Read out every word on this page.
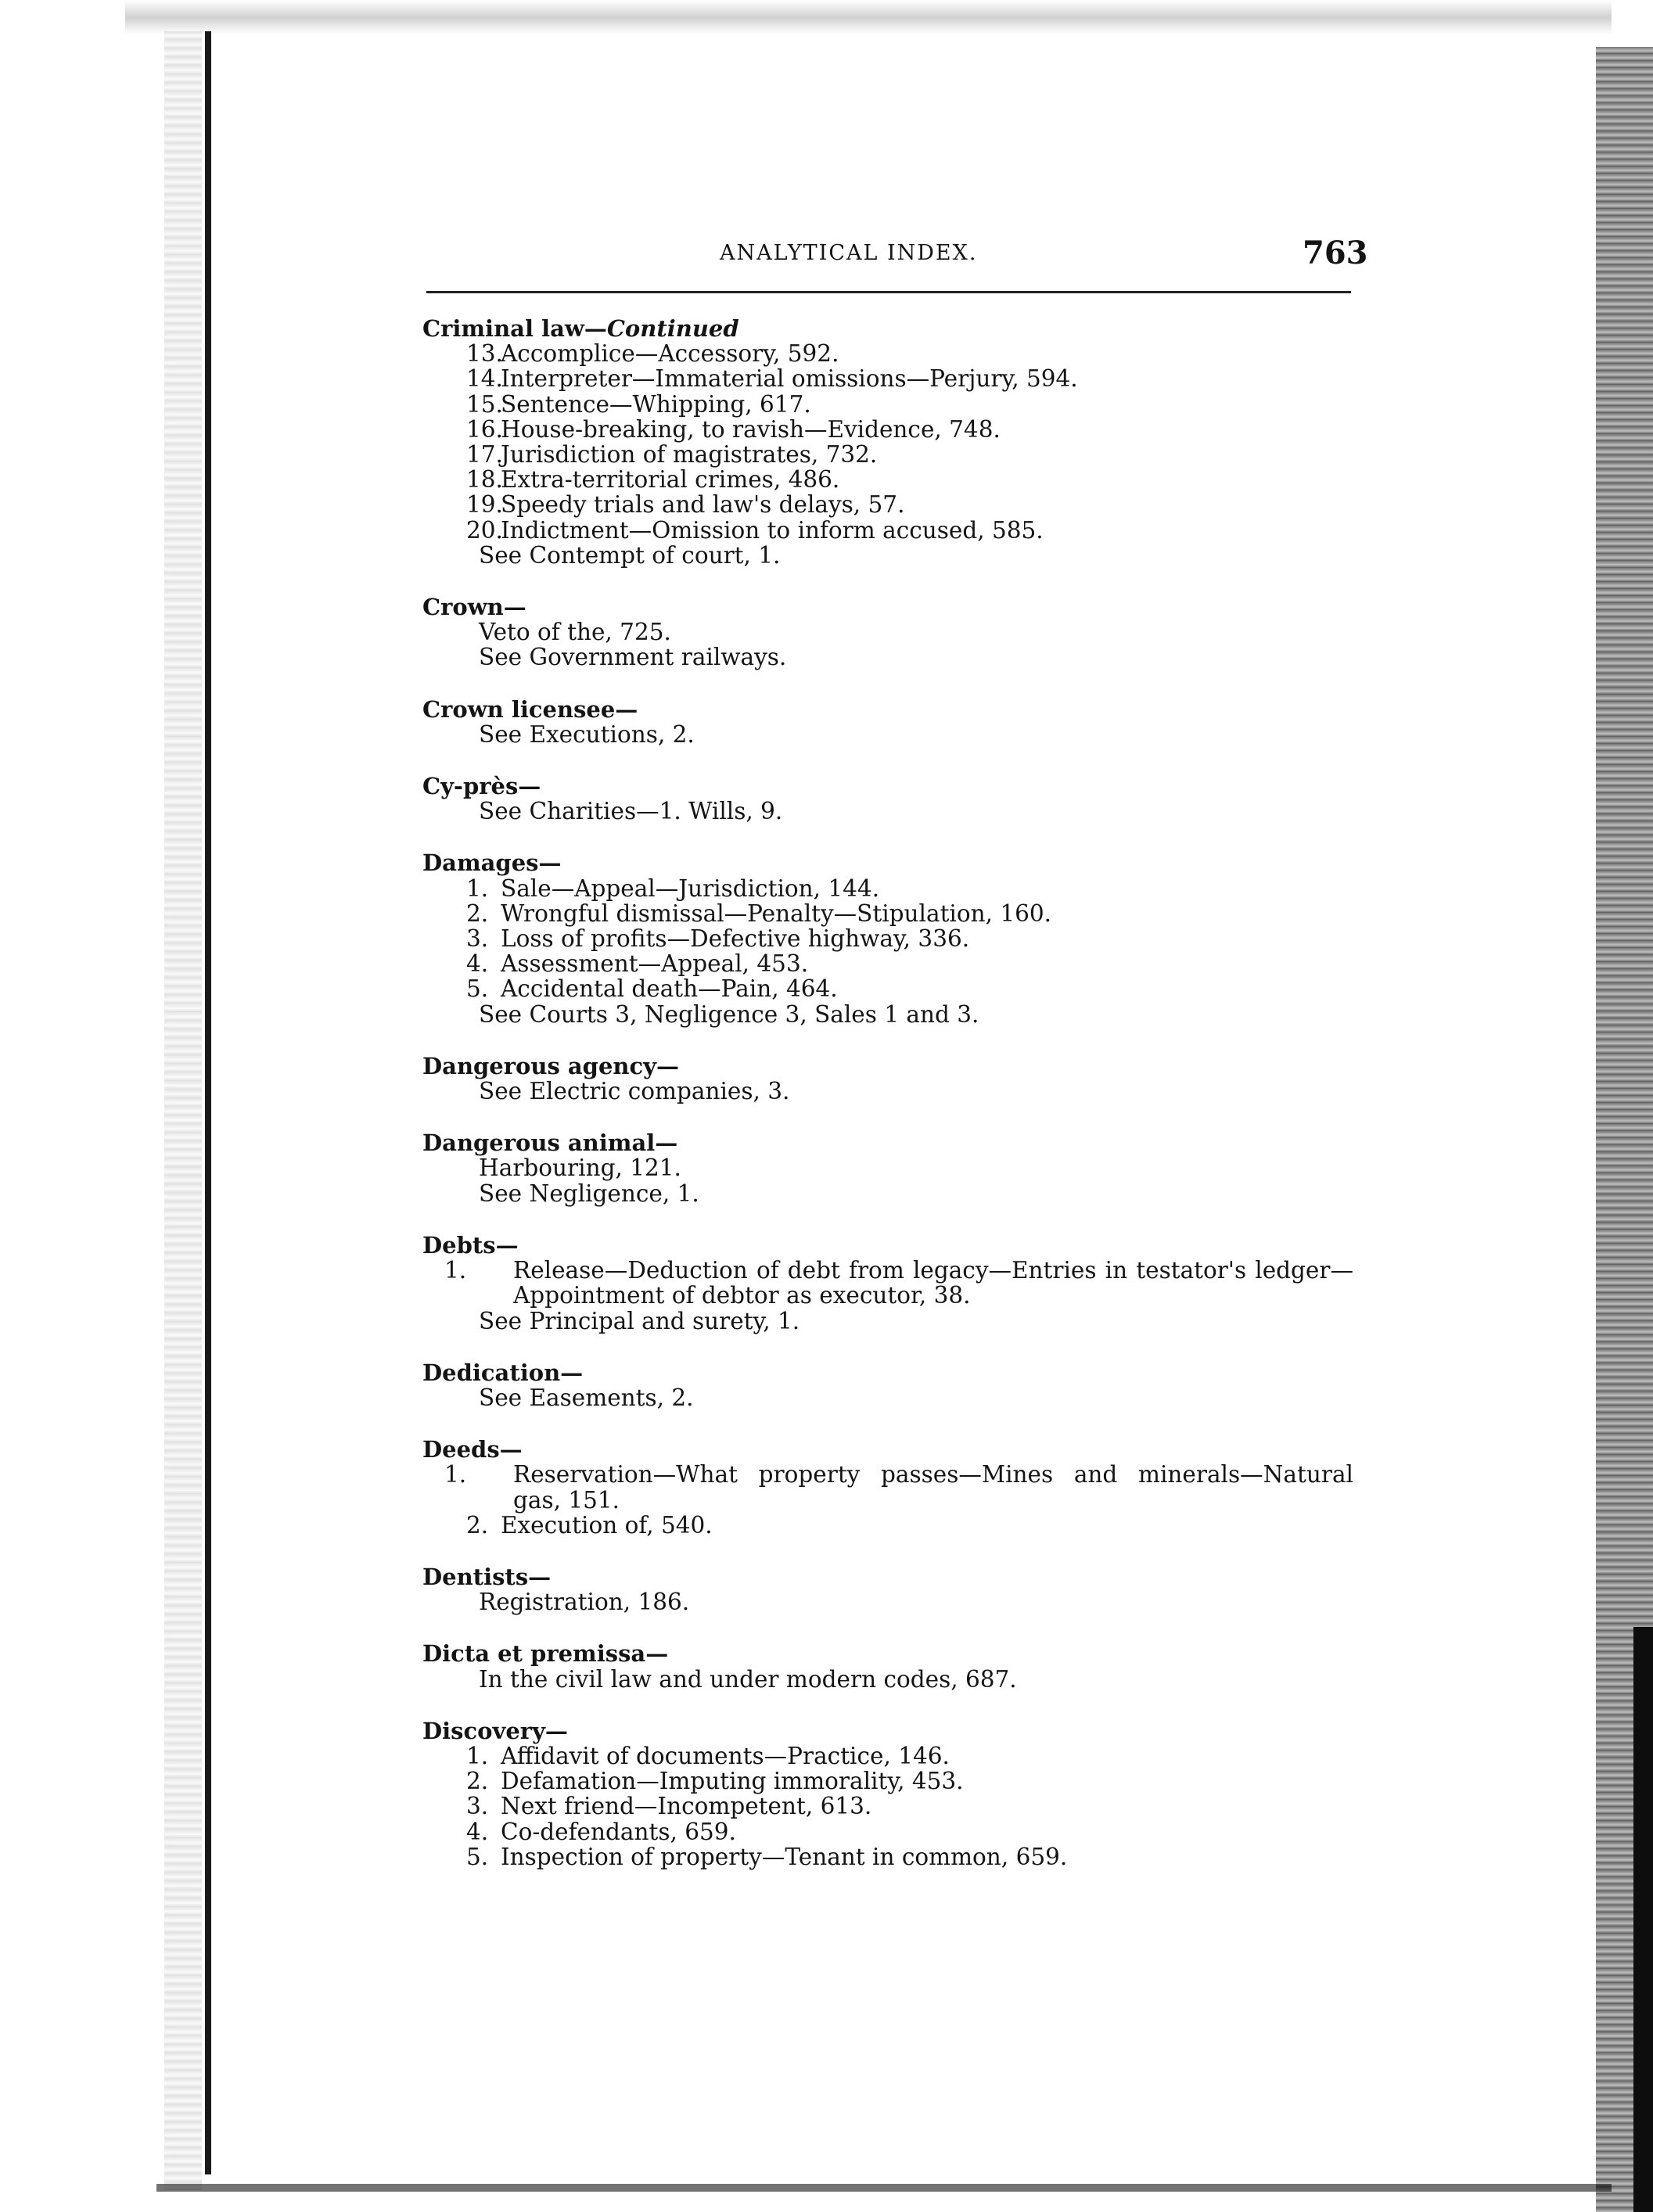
ANALYTICAL INDEX.	763
Criminal law—Continued
13.Accomplice—Accessory, 592.
14.Interpreter—Immaterial omissions—Perjury, 594.
15.Sentence—Whipping, 617.
16.House-breaking, to ravish—Evidence, 748.
17.Jurisdiction of magistrates, 732.
18.Extra-territorial crimes, 486.
19.Speedy trials and law's delays, 57.
20.Indictment—Omission to inform accused, 585.
See Contempt of court, 1.
Crown—
Veto of the, 725.
See Government railways.
Crown licensee—
See Executions, 2.
Cy-près—
See Charities—1. Wills, 9.
Damages—
1. Sale—Appeal—Jurisdiction, 144.
2. Wrongful dismissal—Penalty—Stipulation, 160.
3. Loss of profits—Defective highway, 336.
4. Assessment—Appeal, 453.
5. Accidental death—Pain, 464.
See Courts 3, Negligence 3, Sales 1 and 3.
Dangerous agency—
See Electric companies, 3.
Dangerous animal—
Harbouring, 121.
See Negligence, 1.
Debts—
1. Release—Deduction of debt from legacy—Entries in testator's ledger—Appointment of debtor as executor, 38.
See Principal and surety, 1.
Dedication—
See Easements, 2.
Deeds—
1. Reservation—What property passes—Mines and minerals—Natural gas, 151.
2. Execution of, 540.
Dentists—
Registration, 186.
Dicta et premissa—
In the civil law and under modern codes, 687.
Discovery—
1. Affidavit of documents—Practice, 146.
2. Defamation—Imputing immorality, 453.
3. Next friend—Incompetent, 613.
4. Co-defendants, 659.
5. Inspection of property—Tenant in common, 659.
